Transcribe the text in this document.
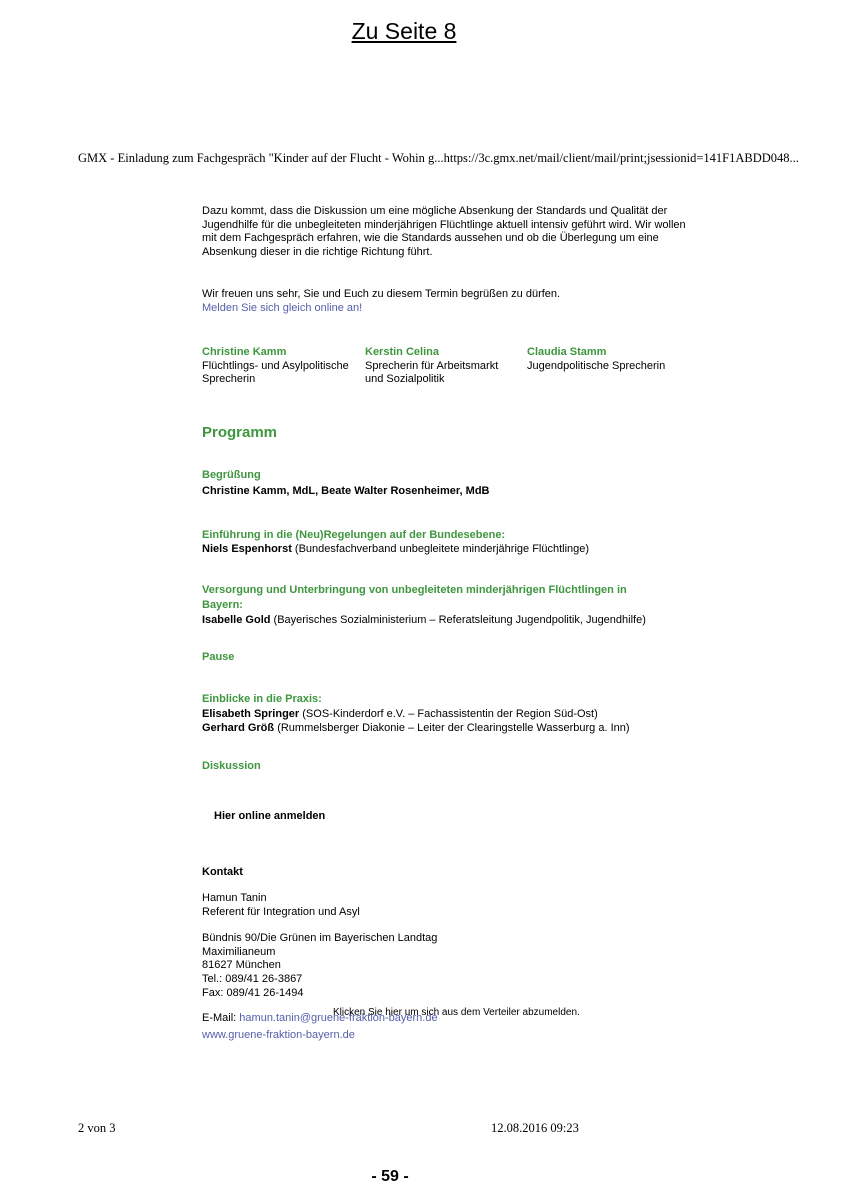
Zu Seite 8
GMX - Einladung zum Fachgespräch "Kinder auf der Flucht - Wohin g... https://3c.gmx.net/mail/client/mail/print;jsessionid=141F1ABDD048...
Dazu kommt, dass die Diskussion um eine mögliche Absenkung der Standards und Qualität der
Jugendhilfe für die unbegleiteten minderjährigen Flüchtlinge aktuell intensiv geführt wird. Wir wollen
mit dem Fachgespräch erfahren, wie die Standards aussehen und ob die Überlegung um eine
Absenkung dieser in die richtige Richtung führt.
Wir freuen uns sehr, Sie und Euch zu diesem Termin begrüßen zu dürfen.
Melden Sie sich gleich online an!
Christine Kamm
Flüchtlings- und Asylpolitische
Sprecherin
Kerstin Celina
Sprecherin für Arbeitsmarkt
und Sozialpolitik
Claudia Stamm
Jugendpolitische Sprecherin
Programm
Begrüßung
Christine Kamm, MdL, Beate Walter Rosenheimer, MdB
Einführung in die (Neu)Regelungen auf der Bundesebene:
Niels Espenhorst (Bundesfachverband unbegleitete minderjährige Flüchtlinge)
Versorgung und Unterbringung von unbegleiteten minderjährigen Flüchtlingen in
Bayern:
Isabelle Gold (Bayerisches Sozialministerium – Referatsleitung Jugendpolitik, Jugendhilfe)
Pause
Einblicke in die Praxis:
Elisabeth Springer (SOS-Kinderdorf e.V. – Fachassistentin der Region Süd-Ost)
Gerhard Größ (Rummelsberger Diakonie – Leiter der Clearingstelle Wasserburg a. Inn)
Diskussion
Hier online anmelden
Kontakt
Hamun Tanin
Referent für Integration und Asyl
Bündnis 90/Die Grünen im Bayerischen Landtag
Maximilianeum
81627 München
Tel.: 089/41 26-3867
Fax: 089/41 26-1494
E-Mail: hamun.tanin@gruene-fraktion-bayern.de
www.gruene-fraktion-bayern.de
Klicken Sie hier um sich aus dem Verteiler abzumelden.
2 von 3	12.08.2016 09:23
- 59 -
